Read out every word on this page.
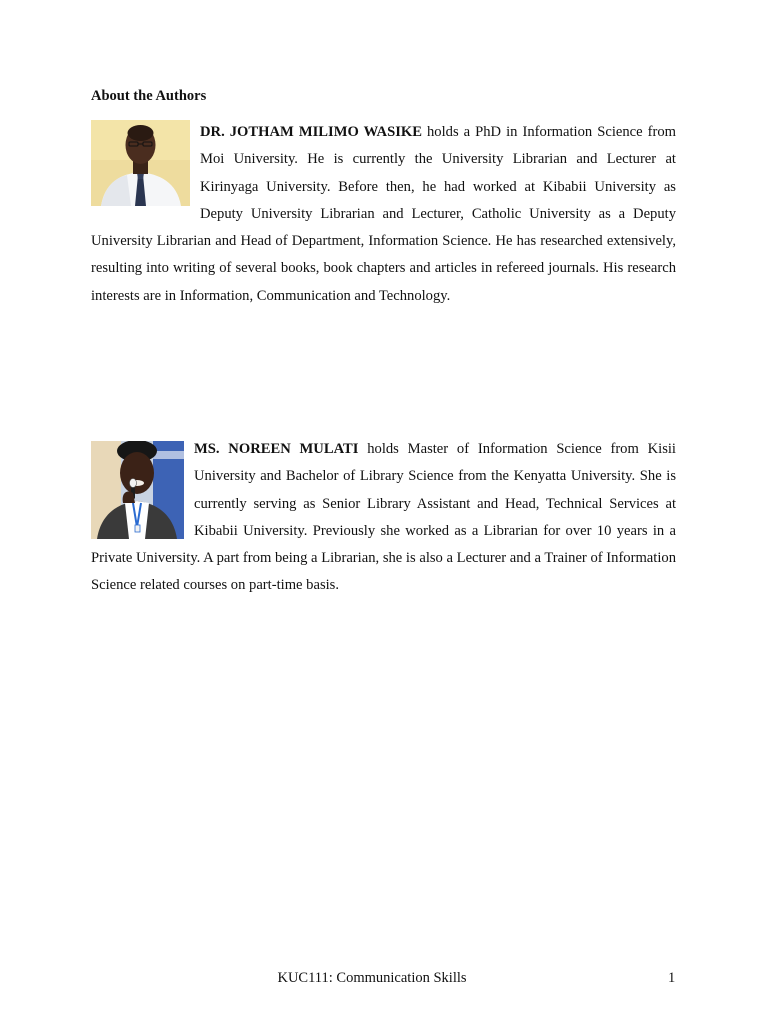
About the Authors

DR. JOTHAM MILIMO WASIKE holds a PhD in Information Science from Moi University. He is currently the University Librarian and Lecturer at Kirinyaga University. Before then, he had worked at Kibabii University as Deputy University Librarian and Lecturer, Catholic University as a Deputy University Librarian and Head of Department, Information Science. He has researched extensively, resulting into writing of several books, book chapters and articles in refereed journals. His research interests are in Information, Communication and Technology.

MS. NOREEN MULATI holds Master of Information Science from Kisii University and Bachelor of Library Science from the Kenyatta University. She is currently serving as Senior Library Assistant and Head, Technical Services at Kibabii University. Previously she worked as a Librarian for over 10 years in a Private University. A part from being a Librarian, she is also a Lecturer and a Trainer of Information Science related courses on part-time basis.

KUC111: Communication Skills	1
